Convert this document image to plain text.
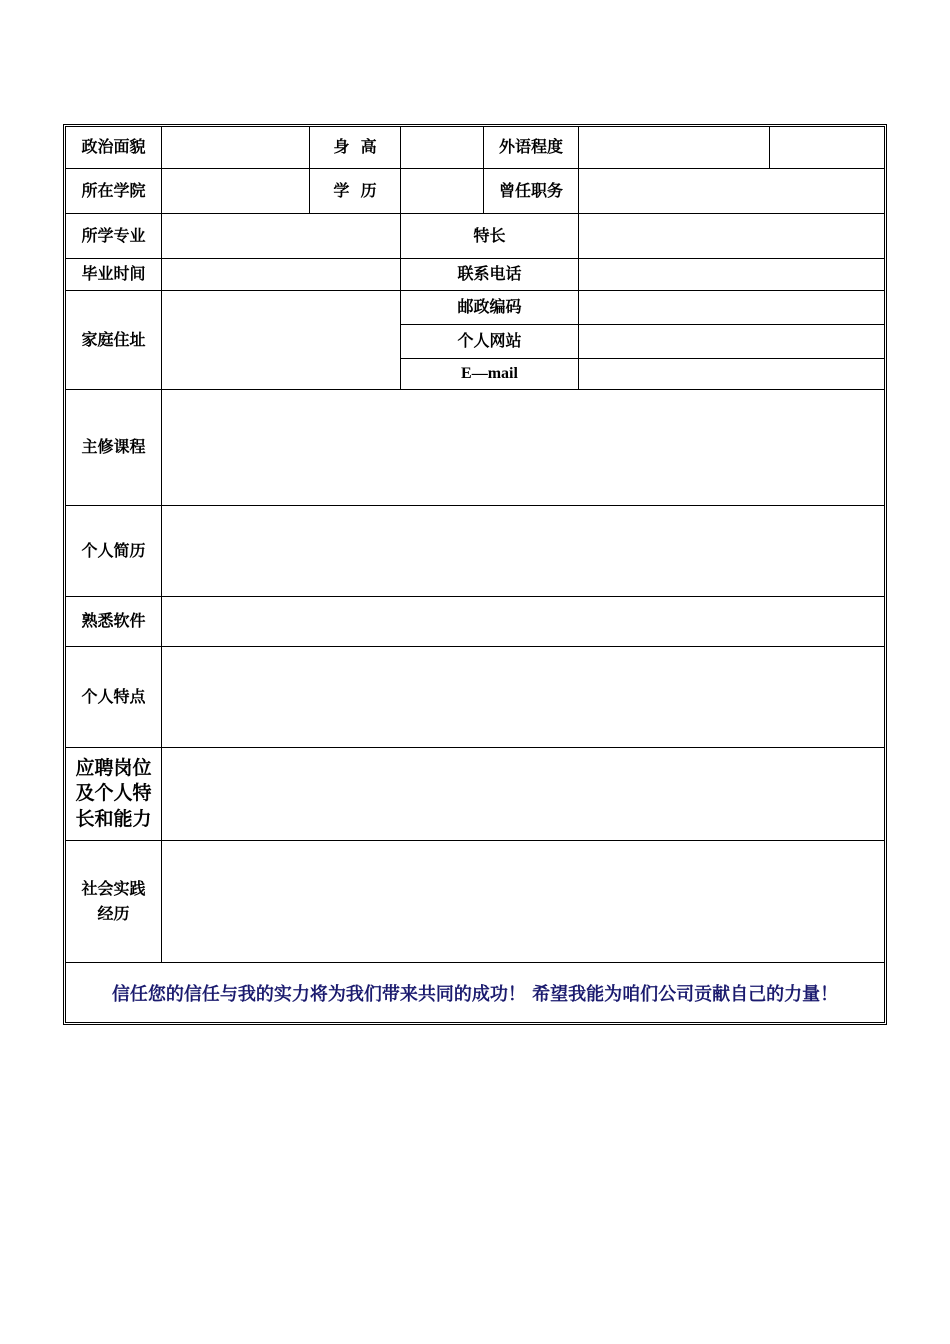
政治面貌	身  高	外语程度
所在学院	学  历	曾任职务
所学专业	特长
毕业时间	联系电话
家庭住址
邮政编码
个人网站
E—mail
主修课程
个人简历
熟悉软件
个人特点
应聘岗位及个人特长和能力
社会实践经历
信任您的信任与我的实力将为我们带来共同的成功！ 希望我能为咱们公司贡献自己的力量！
